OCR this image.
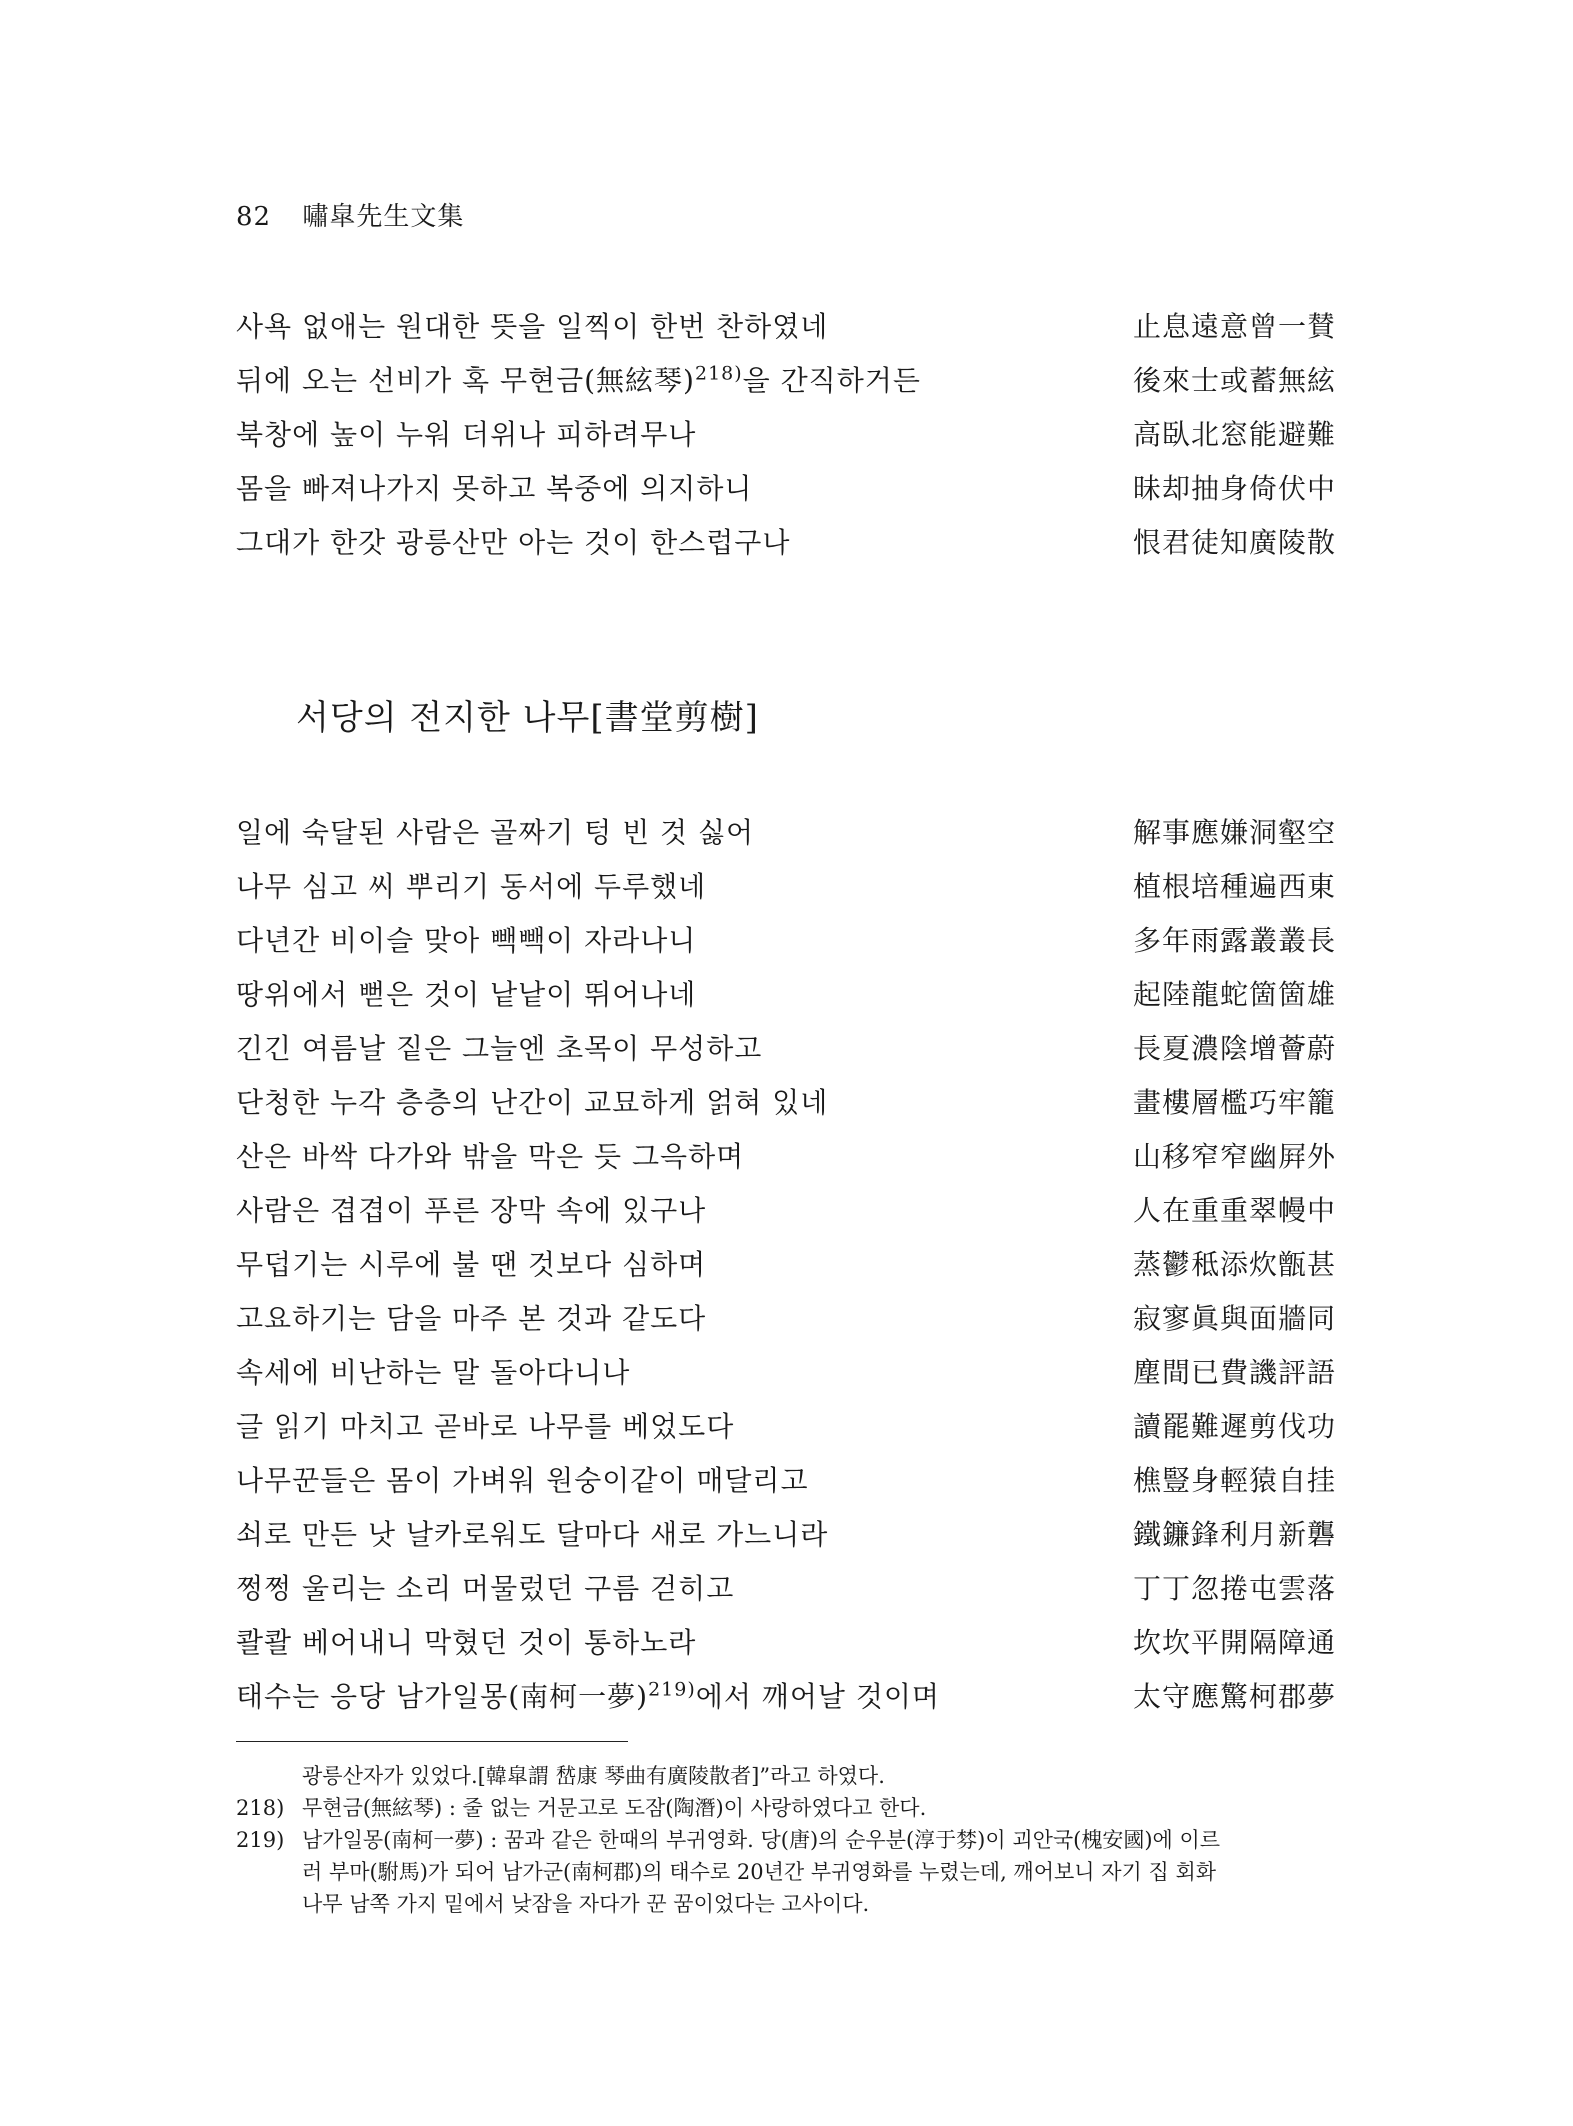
82 嘯皐先生文集
사욕 없애는 원대한 뜻을 일찍이 한번 찬하였네	止息遠意曾一賛
뒤에 오는 선비가 혹 무현금(無絃琴)$^{218)}$을 간직하거든	後來士或蓄無絃
북창에 높이 누워 더위나 피하려무나	高臥北窓能避難
몸을 빠져나가지 못하고 복중에 의지하니	昧却抽身倚伏中
그대가 한갓 광릉산만 아는 것이 한스럽구나	恨君徒知廣陵散
서당의 전지한 나무[書堂剪樹]
일에 숙달된 사람은 골짜기 텅 빈 것 싫어	解事應嫌洞壑空
나무 심고 씨 뿌리기 동서에 두루했네	植根培種遍西東
다년간 비이슬 맞아 빽빽이 자라나니	多年雨露叢叢長
땅위에서 뻗은 것이 낱낱이 뛰어나네	起陸龍蛇箇箇雄
긴긴 여름날 짙은 그늘엔 초목이 무성하고	長夏濃陰增薈蔚
단청한 누각 층층의 난간이 교묘하게 얽혀 있네	畫樓層檻巧牢籠
산은 바싹 다가와 밖을 막은 듯 그윽하며	山移窄窄幽屛外
사람은 겹겹이 푸른 장막 속에 있구나	人在重重翠幔中
무덥기는 시루에 불 땐 것보다 심하며	蒸鬱秪添炊甑甚
고요하기는 담을 마주 본 것과 같도다	寂寥眞與面牆同
속세에 비난하는 말 돌아다니나	塵間已費譏評語
글 읽기 마치고 곧바로 나무를 베었도다	讀罷難遲剪伐功
나무꾼들은 몸이 가벼워 원숭이같이 매달리고	樵豎身輕猿自挂
쇠로 만든 낫 날카로워도 달마다 새로 가느니라	鐵鐮鋒利月新礱
쩡쩡 울리는 소리 머물렀던 구름 걷히고	丁丁忽捲屯雲落
콸콸 베어내니 막혔던 것이 통하노라	坎坎平開隔障通
태수는 응당 남가일몽(南柯一夢)$^{219)}$에서 깨어날 것이며	太守應驚柯郡夢
광릉산자가 있었다.[韓皐謂 嵆康 琴曲有廣陵散者]”라고 하였다.
218) 무현금(無絃琴) : 줄 없는 거문고로 도잠(陶潛)이 사랑하였다고 한다.
219) 남가일몽(南柯一夢) : 꿈과 같은 한때의 부귀영화. 당(唐)의 순우분(淳于棼)이 괴안국(槐安國)에 이르
러 부마(駙馬)가 되어 남가군(南柯郡)의 태수로 20년간 부귀영화를 누렸는데, 깨어보니 자기 집 회화
나무 남쪽 가지 밑에서 낮잠을 자다가 꾼 꿈이었다는 고사이다.
